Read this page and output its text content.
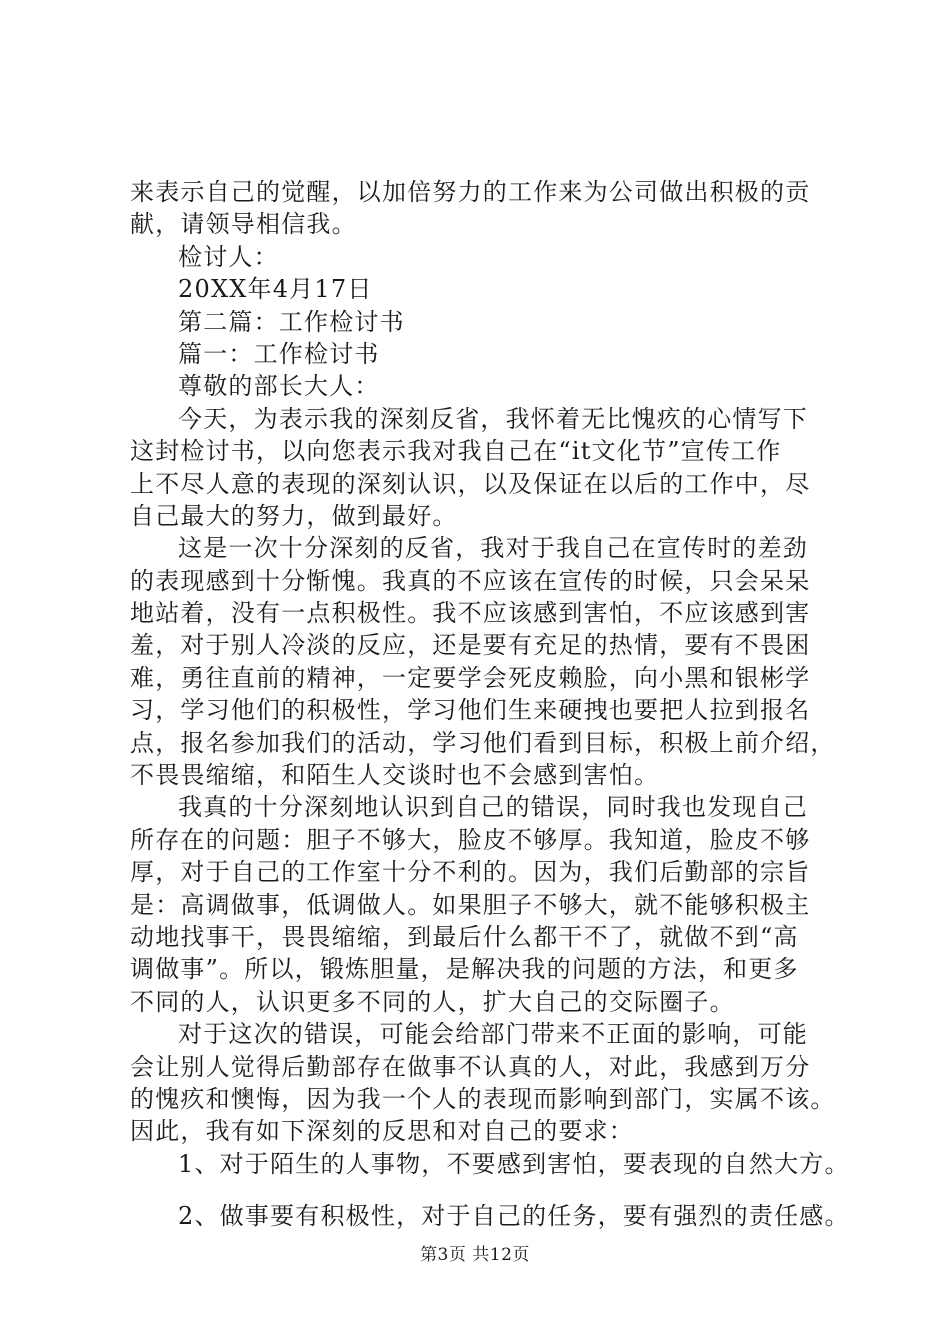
来表示自己的觉醒，以加倍努力的工作来为公司做出积极的贡
献，请领导相信我。
检讨人：
20XX年4月17日
第二篇：工作检讨书
篇一：工作检讨书
尊敬的部长大人：
今天，为表示我的深刻反省，我怀着无比愧疚的心情写下
这封检讨书，以向您表示我对我自己在“it文化节”宣传工作
上不尽人意的表现的深刻认识，以及保证在以后的工作中，尽
自己最大的努力，做到最好。
这是一次十分深刻的反省，我对于我自己在宣传时的差劲
的表现感到十分惭愧。我真的不应该在宣传的时候，只会呆呆
地站着，没有一点积极性。我不应该感到害怕，不应该感到害
羞，对于别人冷淡的反应，还是要有充足的热情，要有不畏困
难，勇往直前的精神，一定要学会死皮赖脸，向小黑和银彬学
习，学习他们的积极性，学习他们生来硬拽也要把人拉到报名
点，报名参加我们的活动，学习他们看到目标，积极上前介绍，
不畏畏缩缩，和陌生人交谈时也不会感到害怕。
我真的十分深刻地认识到自己的错误，同时我也发现自己
所存在的问题：胆子不够大，脸皮不够厚。我知道，脸皮不够
厚，对于自己的工作室十分不利的。因为，我们后勤部的宗旨
是：高调做事，低调做人。如果胆子不够大，就不能够积极主
动地找事干，畏畏缩缩，到最后什么都干不了，就做不到“高
调做事”。所以，锻炼胆量，是解决我的问题的方法，和更多
不同的人，认识更多不同的人，扩大自己的交际圈子。
对于这次的错误，可能会给部门带来不正面的影响，可能
会让别人觉得后勤部存在做事不认真的人，对此，我感到万分
的愧疚和懊悔，因为我一个人的表现而影响到部门，实属不该。
因此，我有如下深刻的反思和对自己的要求：
1、对于陌生的人事物，不要感到害怕，要表现的自然大方。
2、做事要有积极性，对于自己的任务，要有强烈的责任感。
第3页 共12页
